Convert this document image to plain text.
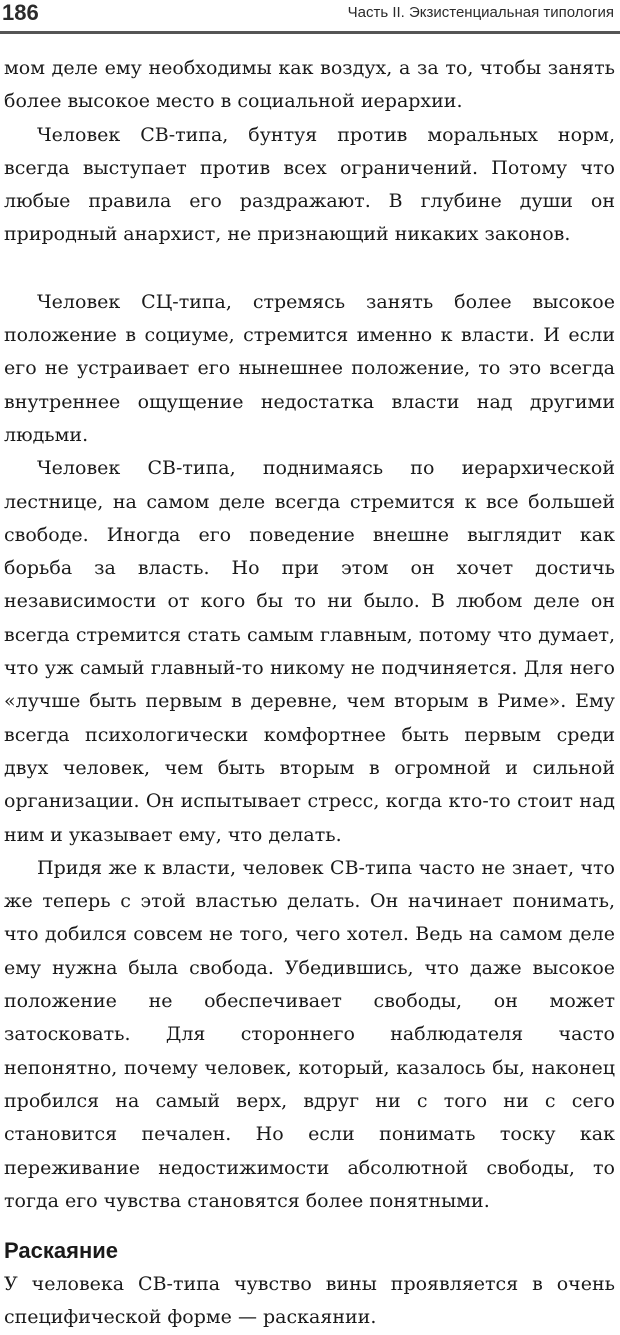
186	Часть II. Экзистенциальная типология

мом деле ему необходимы как воздух, а за то, чтобы занять более высокое место в социальной иерархии.

Человек СВ-типа, бунтуя против моральных норм, всегда выступает против всех ограничений. Потому что любые правила его раздражают. В глубине души он природный анархист, не признающий никаких законов.

Человек СЦ-типа, стремясь занять более высокое положение в социуме, стремится именно к власти. И если его не устраивает его нынешнее положение, то это всегда внутреннее ощущение недостатка власти над другими людьми.

Человек СВ-типа, поднимаясь по иерархической лестнице, на самом деле всегда стремится к все большей свободе. Иногда его поведение внешне выглядит как борьба за власть. Но при этом он хочет достичь независимости от кого бы то ни было. В любом деле он всегда стремится стать самым главным, потому что думает, что уж самый главный-то никому не подчиняется. Для него «лучше быть первым в деревне, чем вторым в Риме». Ему всегда психологически комфортнее быть первым среди двух человек, чем быть вторым в огромной и сильной организации. Он испытывает стресс, когда кто-то стоит над ним и указывает ему, что делать.

Придя же к власти, человек СВ-типа часто не знает, что же теперь с этой властью делать. Он начинает понимать, что добился совсем не того, чего хотел. Ведь на самом деле ему нужна была свобода. Убедившись, что даже высокое положение не обеспечивает свободы, он может затосковать. Для стороннего наблюдателя часто непонятно, почему человек, который, казалось бы, наконец пробился на самый верх, вдруг ни с того ни с сего становится печален. Но если понимать тоску как переживание недостижимости абсолютной свободы, то тогда его чувства становятся более понятными.

Раскаяние

У человека СВ-типа чувство вины проявляется в очень специфической форме — раскаянии.
